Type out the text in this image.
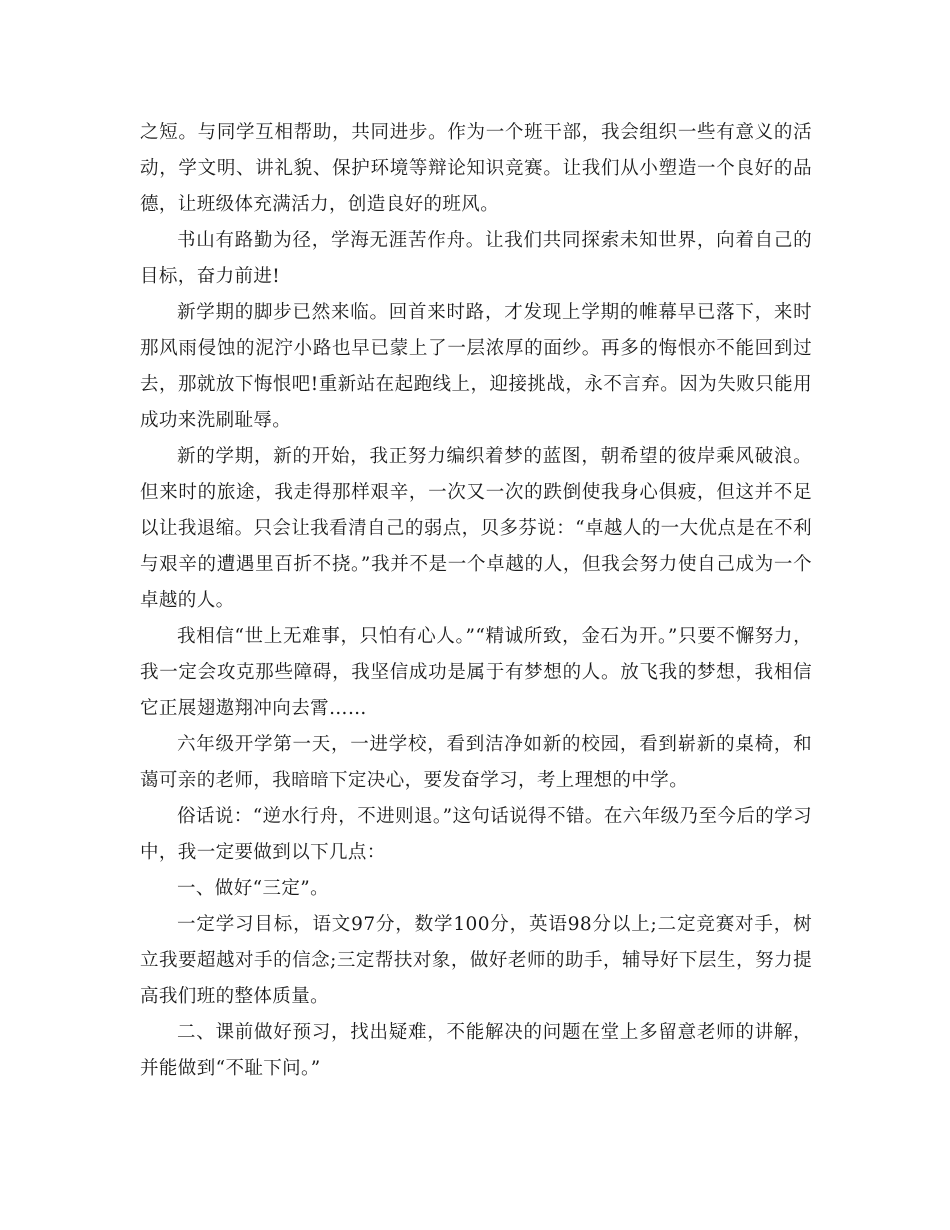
之短。与同学互相帮助，共同进步。作为一个班干部，我会组织一些有意义的活动，学文明、讲礼貌、保护环境等辩论知识竞赛。让我们从小塑造一个良好的品德，让班级体充满活力，创造良好的班风。

书山有路勤为径，学海无涯苦作舟。让我们共同探索未知世界，向着自己的目标，奋力前进!

新学期的脚步已然来临。回首来时路，才发现上学期的帷幕早已落下，来时那风雨侵蚀的泥泞小路也早已蒙上了一层浓厚的面纱。再多的悔恨亦不能回到过去，那就放下悔恨吧!重新站在起跑线上，迎接挑战，永不言弃。因为失败只能用成功来洗刷耻辱。

新的学期，新的开始，我正努力编织着梦的蓝图，朝希望的彼岸乘风破浪。但来时的旅途，我走得那样艰辛，一次又一次的跌倒使我身心俱疲，但这并不足以让我退缩。只会让我看清自己的弱点，贝多芬说：“卓越人的一大优点是在不利与艰辛的遭遇里百折不挠。”我并不是一个卓越的人，但我会努力使自己成为一个卓越的人。

我相信“世上无难事，只怕有心人。”“精诚所致，金石为开。”只要不懈努力，我一定会攻克那些障碍，我坚信成功是属于有梦想的人。放飞我的梦想，我相信它正展翅遨翔冲向去霄……

六年级开学第一天，一进学校，看到洁净如新的校园，看到崭新的桌椅，和蔼可亲的老师，我暗暗下定决心，要发奋学习，考上理想的中学。

俗话说：“逆水行舟，不进则退。”这句话说得不错。在六年级乃至今后的学习中，我一定要做到以下几点：

一、做好“三定”。

一定学习目标，语文97分，数学100分，英语98分以上;二定竞赛对手，树立我要超越对手的信念;三定帮扶对象，做好老师的助手，辅导好下层生，努力提高我们班的整体质量。

二、课前做好预习，找出疑难，不能解决的问题在堂上多留意老师的讲解，并能做到“不耻下问。”
